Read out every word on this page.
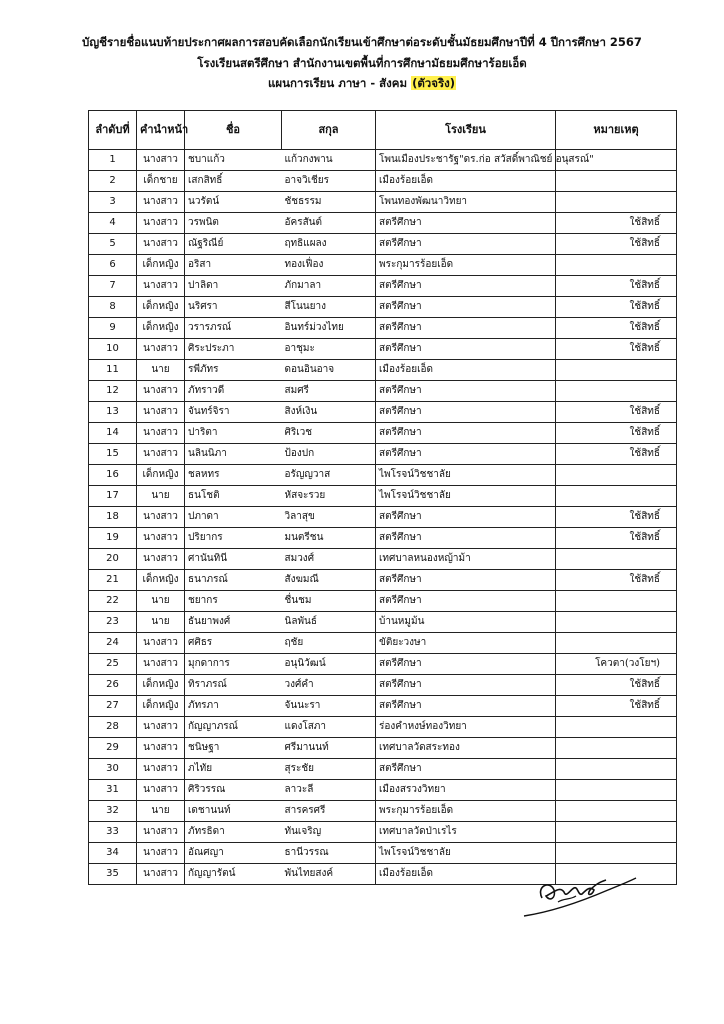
บัญชีรายชื่อแนบท้ายประกาศผลการสอบคัดเลือกนักเรียนเข้าศึกษาต่อระดับชั้นมัธยมศึกษาปีที่ 4 ปีการศึกษา 2567
โรงเรียนสตรีศึกษา สำนักงานเขตพื้นที่การศึกษามัธยมศึกษาร้อยเอ็ด
แผนการเรียน ภาษา - สังคม (ตัวจริง)
ลำดับที่	คำนำหน้า	ชื่อ	สกุล	โรงเรียน	หมายเหตุ
1	นางสาว	ชบาแก้ว	แก้วกงพาน	โพนเมืองประชารัฐ"ดร.ก่อ สวัสดิ์พาณิชย์ อนุสรณ์"	
2	เด็กชาย	เสกสิทธิ์	อาจวิเชียร	เมืองร้อยเอ็ด	
3	นางสาว	นวรัตน์	ชัชธรรม	โพนทองพัฒนาวิทยา	
4	นางสาว	วรพนิต	อัครสันต์	สตรีศึกษา	ใช้สิทธิ์
5	นางสาว	ณัฐริณีย์	ฤทธิแผลง	สตรีศึกษา	ใช้สิทธิ์
6	เด็กหญิง	อริสา	ทองเฟื่อง	พระกุมารร้อยเอ็ด	
7	นางสาว	ปาลิดา	ภักมาลา	สตรีศึกษา	ใช้สิทธิ์
8	เด็กหญิง	นริศรา	สีโนนยาง	สตรีศึกษา	ใช้สิทธิ์
9	เด็กหญิง	วรารภรณ์	อินทร์ม่วงไทย	สตรีศึกษา	ใช้สิทธิ์
10	นางสาว	ศิระประภา	อาชุมะ	สตรีศึกษา	ใช้สิทธิ์
11	นาย	รพีภัทร	ดอนอินอาจ	เมืองร้อยเอ็ด	
12	นางสาว	ภัทราวดี	สมศรี	สตรีศึกษา	
13	นางสาว	จันทร์จิรา	สิงห์เงิน	สตรีศึกษา	ใช้สิทธิ์
14	นางสาว	ปาริตา	ศิริเวช	สตรีศึกษา	ใช้สิทธิ์
15	นางสาว	นลินนิภา	ป้องปก	สตรีศึกษา	ใช้สิทธิ์
16	เด็กหญิง	ชลหทร	อรัญญวาส	ไพโรจน์วิชชาลัย	
17	นาย	ธนโชติ	หัสจะรวย	ไพโรจน์วิชชาลัย	
18	นางสาว	ปภาดา	วิลาสุข	สตรีศึกษา	ใช้สิทธิ์
19	นางสาว	ปริยากร	มนตรีชน	สตรีศึกษา	ใช้สิทธิ์
20	นางสาว	ศานันทินี	สมวงศ์	เทศบาลหนองหญ้าม้า	
21	เด็กหญิง	ธนาภรณ์	สังฆมณี	สตรีศึกษา	ใช้สิทธิ์
22	นาย	ชยากร	ชื่นชม	สตรีศึกษา	
23	นาย	ธันยาพงศ์	นิลพันธ์	บ้านหมูม้น	
24	นางสาว	ศศิธร	ฤชัย	ขัติยะวงษา	
25	นางสาว	มุกดาการ	อนุนิวัฒน์	สตรีศึกษา	โควตา(วงโยฯ)
26	เด็กหญิง	ทิราภรณ์	วงศ์คำ	สตรีศึกษา	ใช้สิทธิ์
27	เด็กหญิง	ภัทรภา	จันนะรา	สตรีศึกษา	ใช้สิทธิ์
28	นางสาว	กัญญาภรณ์	แดงโสภา	ร่องคำหงษ์ทองวิทยา	
29	นางสาว	ชนิษฐา	ศรีมานนท์	เทศบาลวัดสระทอง	
30	นางสาว	ภไทัย	สุระชัย	สตรีศึกษา	
31	นางสาว	ศิริวรรณ	ลาวะลี	เมืองสรวงวิทยา	
32	นาย	เดชานนท์	สารครศรี	พระกุมารร้อยเอ็ด	
33	นางสาว	ภัทรธิดา	ทันเจริญ	เทศบาลวัดป่าเรไร	
34	นางสาว	อัณศญา	ธานีวรรณ	ไพโรจน์วิชชาลัย	
35	นางสาว	กัญญารัตน์	พันไทยสงค์	เมืองร้อยเอ็ด	
